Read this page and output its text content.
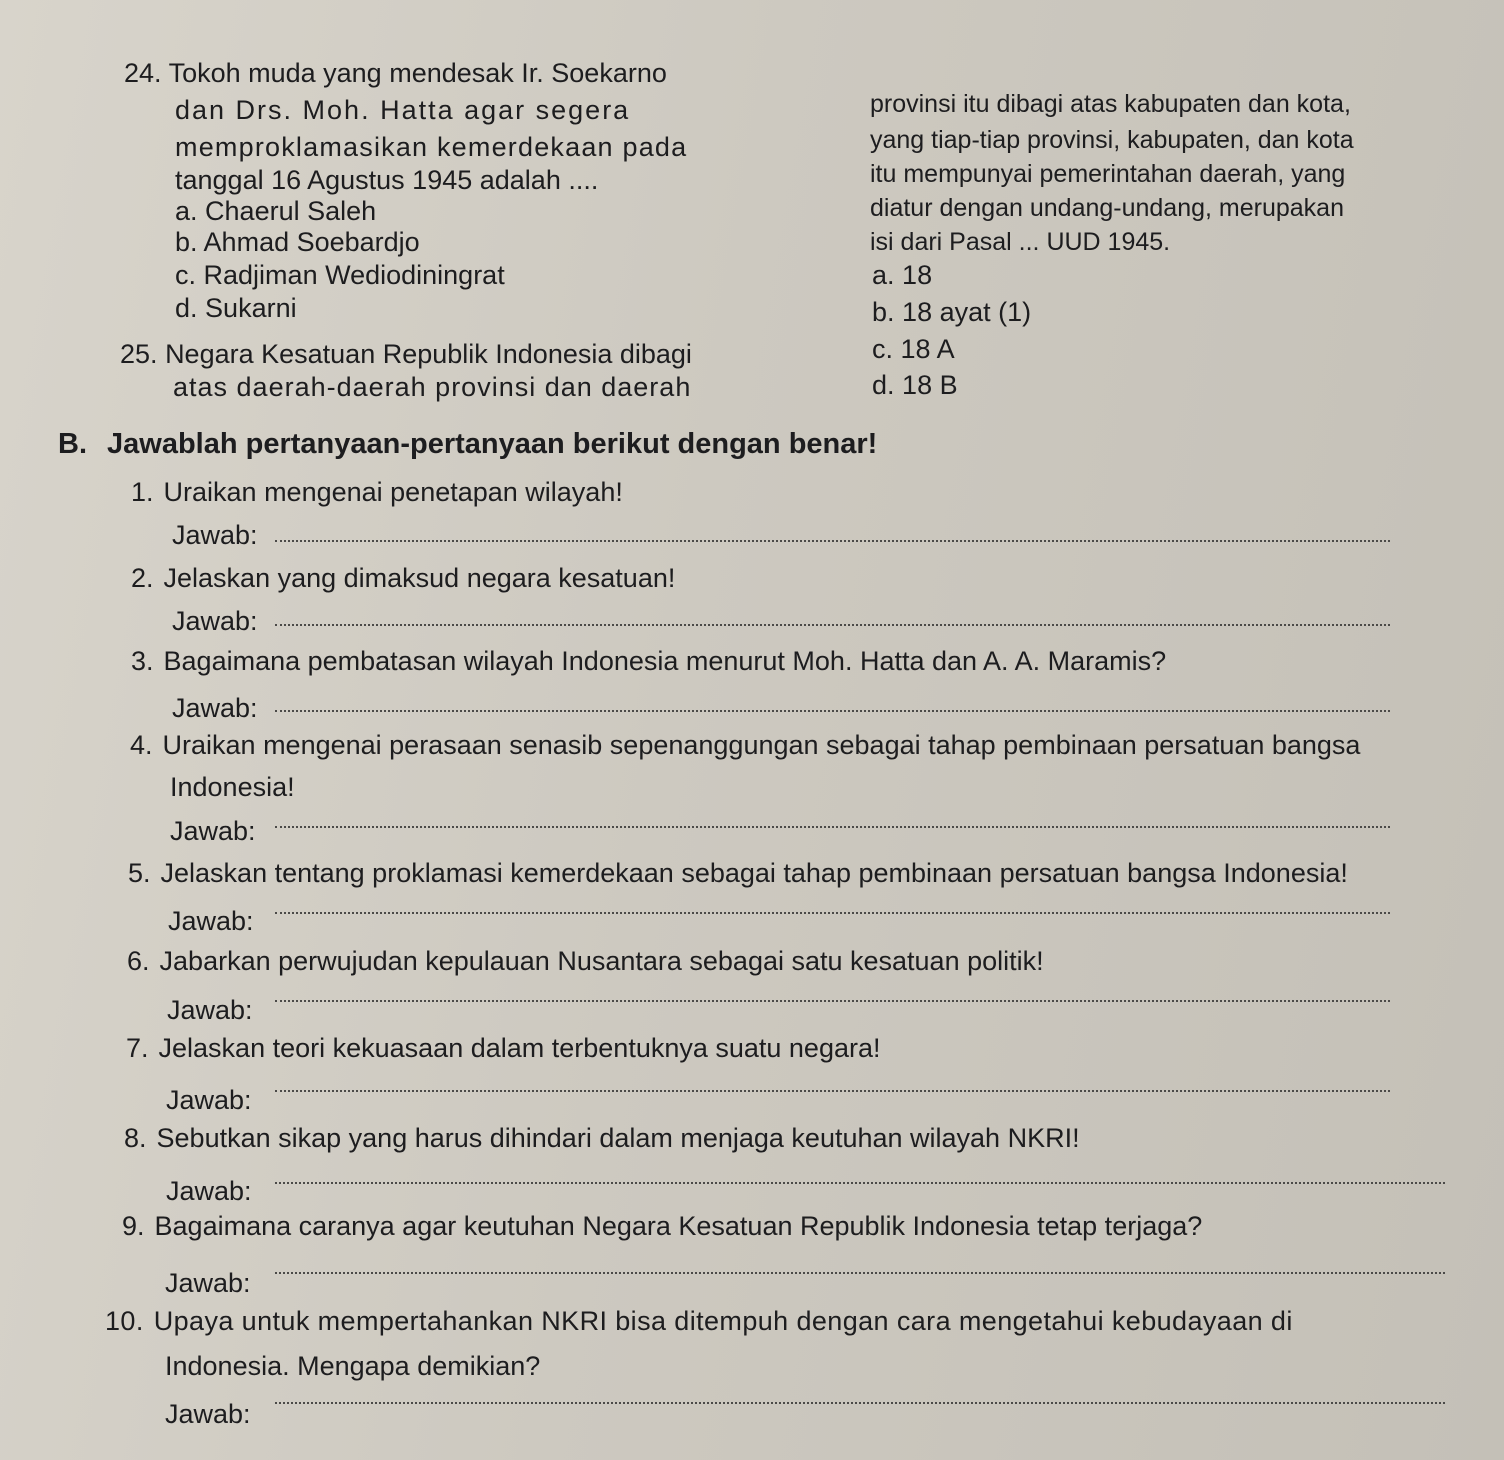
24. Tokoh muda yang mendesak Ir. Soekarno
dan Drs. Moh. Hatta agar segera
memproklamasikan kemerdekaan pada
tanggal 16 Agustus 1945 adalah ....
a. Chaerul Saleh
b. Ahmad Soebardjo
c. Radjiman Wediodiningrat
d. Sukarni
25. Negara Kesatuan Republik Indonesia dibagi
atas daerah-daerah provinsi dan daerah
provinsi itu dibagi atas kabupaten dan kota,
yang tiap-tiap provinsi, kabupaten, dan kota
itu mempunyai pemerintahan daerah, yang
diatur dengan undang-undang, merupakan
isi dari Pasal ... UUD 1945.
a. 18
b. 18 ayat (1)
c. 18 A
d. 18 B
B. Jawablah pertanyaan-pertanyaan berikut dengan benar!
1. Uraikan mengenai penetapan wilayah!
Jawab:
2. Jelaskan yang dimaksud negara kesatuan!
Jawab:
3. Bagaimana pembatasan wilayah Indonesia menurut Moh. Hatta dan A. A. Maramis?
Jawab:
4. Uraikan mengenai perasaan senasib sepenanggungan sebagai tahap pembinaan persatuan bangsa
Indonesia!
Jawab:
5. Jelaskan tentang proklamasi kemerdekaan sebagai tahap pembinaan persatuan bangsa Indonesia!
Jawab:
6. Jabarkan perwujudan kepulauan Nusantara sebagai satu kesatuan politik!
Jawab:
7. Jelaskan teori kekuasaan dalam terbentuknya suatu negara!
Jawab:
8. Sebutkan sikap yang harus dihindari dalam menjaga keutuhan wilayah NKRI!
Jawab:
9. Bagaimana caranya agar keutuhan Negara Kesatuan Republik Indonesia tetap terjaga?
Jawab:
10. Upaya untuk mempertahankan NKRI bisa ditempuh dengan cara mengetahui kebudayaan di
Indonesia. Mengapa demikian?
Jawab:
